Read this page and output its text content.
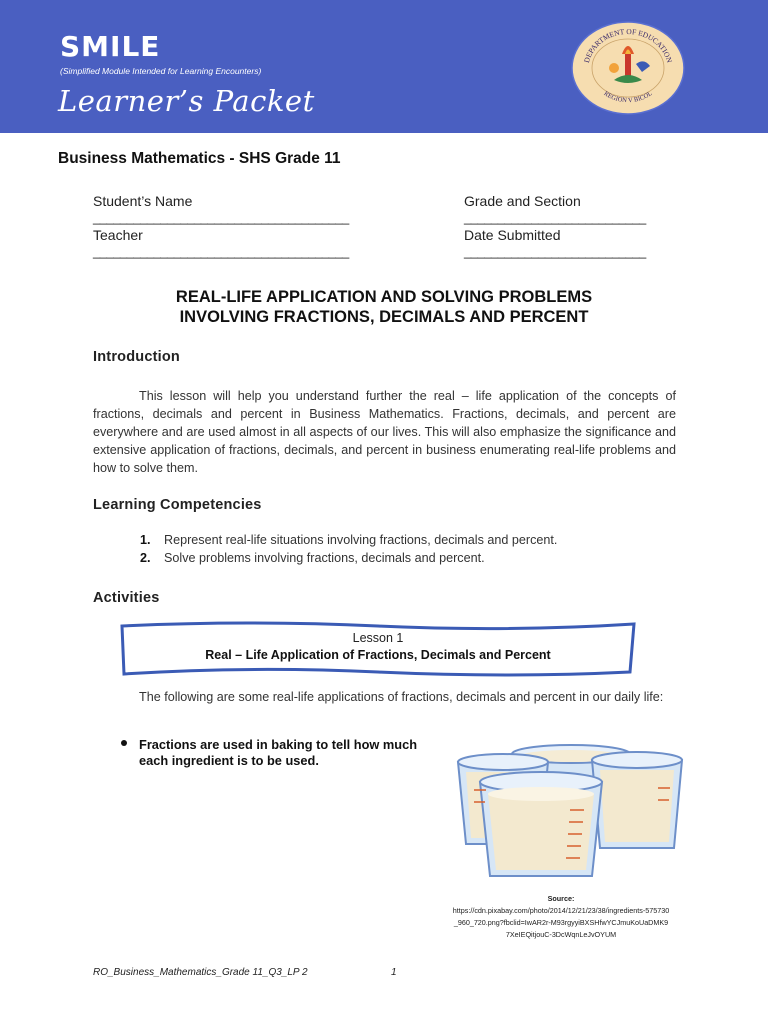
SMILE
(Simplified Module Intended for Learning Encounters)
Learner’s Packet
DEPARTMENT OF EDUCATION
REGION V BICOL
Business Mathematics - SHS Grade 11
Student’s Name	Grade and Section
______________________________________	___________________________
Teacher	Date Submitted
______________________________________	___________________________
REAL-LIFE APPLICATION AND SOLVING PROBLEMS
INVOLVING FRACTIONS, DECIMALS AND PERCENT
Introduction
This lesson will help you understand further the real – life application of the concepts of fractions, decimals and percent in Business Mathematics. Fractions, decimals, and percent are everywhere and are used almost in all aspects of our lives. This will also emphasize the significance and extensive application of fractions, decimals, and percent in business enumerating real-life problems and how to solve them.
Learning Competencies
1. Represent real-life situations involving fractions, decimals and percent.
2. Solve problems involving fractions, decimals and percent.
Activities
Lesson 1
Real – Life Application of Fractions, Decimals and Percent
The following are some real-life applications of fractions, decimals and percent in our daily life:
Fractions are used in baking to tell how much each ingredient is to be used.
Source:
https://cdn.pixabay.com/photo/2014/12/21/23/38/ingredients-575730_960_720.png?fbclid=IwAR2r-M93rgyyiBXSHfwYCJmuKoUaDMK97XeIEQitjouC-3DcWqnLeJvOYUM
RO_Business_Mathematics_Grade 11_Q3_LP 2	1
